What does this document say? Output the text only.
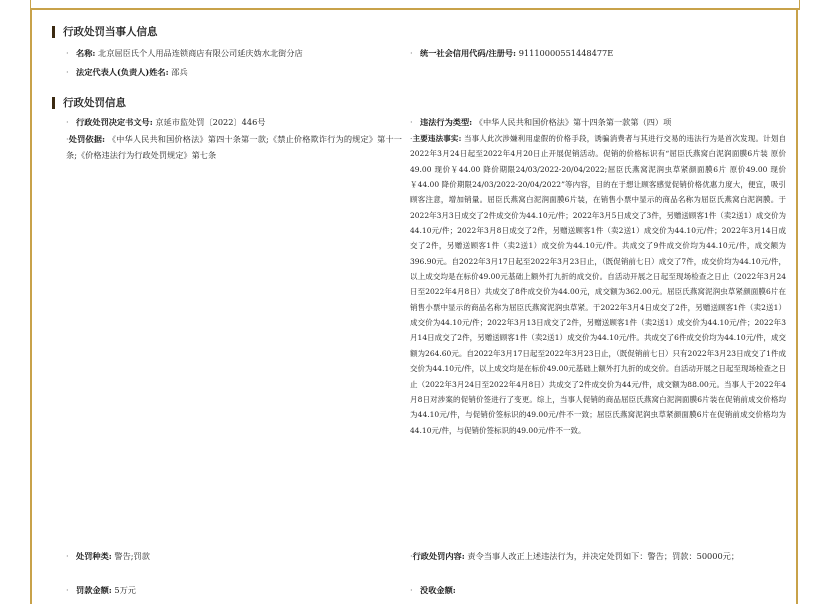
行政处罚当事人信息
· 名称: 北京屈臣氏个人用品连锁商店有限公司延庆妫水北街分店	· 统一社会信用代码/注册号: 91110000551448477E
· 法定代表人(负责人)姓名: 邵兵
行政处罚信息
· 行政处罚决定书文号: 京延市监处罚〔2022〕446号	· 违法行为类型: 《中华人民共和国价格法》第十四条第一款第（四）项
·处罚依据: 《中华人民共和国价格法》第四十条第一款;《禁止价格欺诈行为的规定》第十一条;《价格违法行为行政处罚规定》第七条
·主要违法事实: 当事人此次涉嫌利用虚假的价格手段，诱骗消费者与其进行交易的违法行为是首次发现。计划自2022年3月24日起至2022年4月20日止开展促销活动。促销的价格标识有“屈臣氏燕窝白泥润面膜6片装 原价49.00 现价￥44.00 降价期限24/03/2022-20/04/2022;屈臣氏燕窝泥润虫草紧颜面膜6片 原价49.00 现价￥44.00 降价期限24/03/2022-20/04/2022”等内容，目的在于想让顾客感觉促销价格优惠力度大，便宜，吸引顾客注意，增加销量。屈臣氏燕窝白泥润面膜6片装，在销售小票中显示的商品名称为屈臣氏燕窝白泥润膜。于2022年3月3日成交了2件成交价为44.10元/件；2022年3月5日成交了3件，另赠送顾客1件（卖2送1）成交价为44.10元/件；2022年3月8日成交了2件，另赠送顾客1件（卖2送1）成交价为44.10元/件；2022年3月14日成交了2件，另赠送顾客1件（卖2送1）成交价为44.10元/件。共成交了9件成交价均为44.10元/件，成交额为396.90元。自2022年3月17日起至2022年3月23日止，（既促销前七日）成交了7件，成交价均为44.10元/件，以上成交均是在标价49.00元基础上额外打九折的成交价。自活动开展之日起至现场检查之日止（2022年3月24日至2022年4月8日）共成交了8件成交价为44.00元，成交额为362.00元。屈臣氏燕窝泥润虫草紧颜面膜6片在销售小票中显示的商品名称为屈臣氏燕窝泥润虫草紧。于2022年3月4日成交了2件，另赠送顾客1件（卖2送1）成交价为44.10元/件；2022年3月13日成交了2件，另赠送顾客1件（卖2送1）成交价为44.10元/件；2022年3月14日成交了2件，另赠送顾客1件（卖2送1）成交价为44.10元/件。共成交了6件成交价均为44.10元/件，成交额为264.60元。自2022年3月17日起至2022年3月23日止，（既促销前七日）只有2022年3月23日成交了1件成交价为44.10元/件，以上成交均是在标价49.00元基础上额外打九折的成交价。自活动开展之日起至现场检查之日止（2022年3月24日至2022年4月8日）共成交了2件成交价为44元/件，成交额为88.00元。当事人于2022年4月8日对涉案的促销价签进行了变更。综上，当事人促销的商品屈臣氏燕窝白泥润面膜6片装在促销前成交价格均为44.10元/件，与促销价签标识的49.00元/件不一致；屈臣氏燕窝泥润虫草紧颜面膜6片在促销前成交价格均为44.10元/件，与促销价签标识的49.00元/件不一致。
· 处罚种类: 警告;罚款	·行政处罚内容: 责令当事人改正上述违法行为，并决定处罚如下：警告；罚款：50000元；
· 罚款金额: 5万元	· 没收金额:
